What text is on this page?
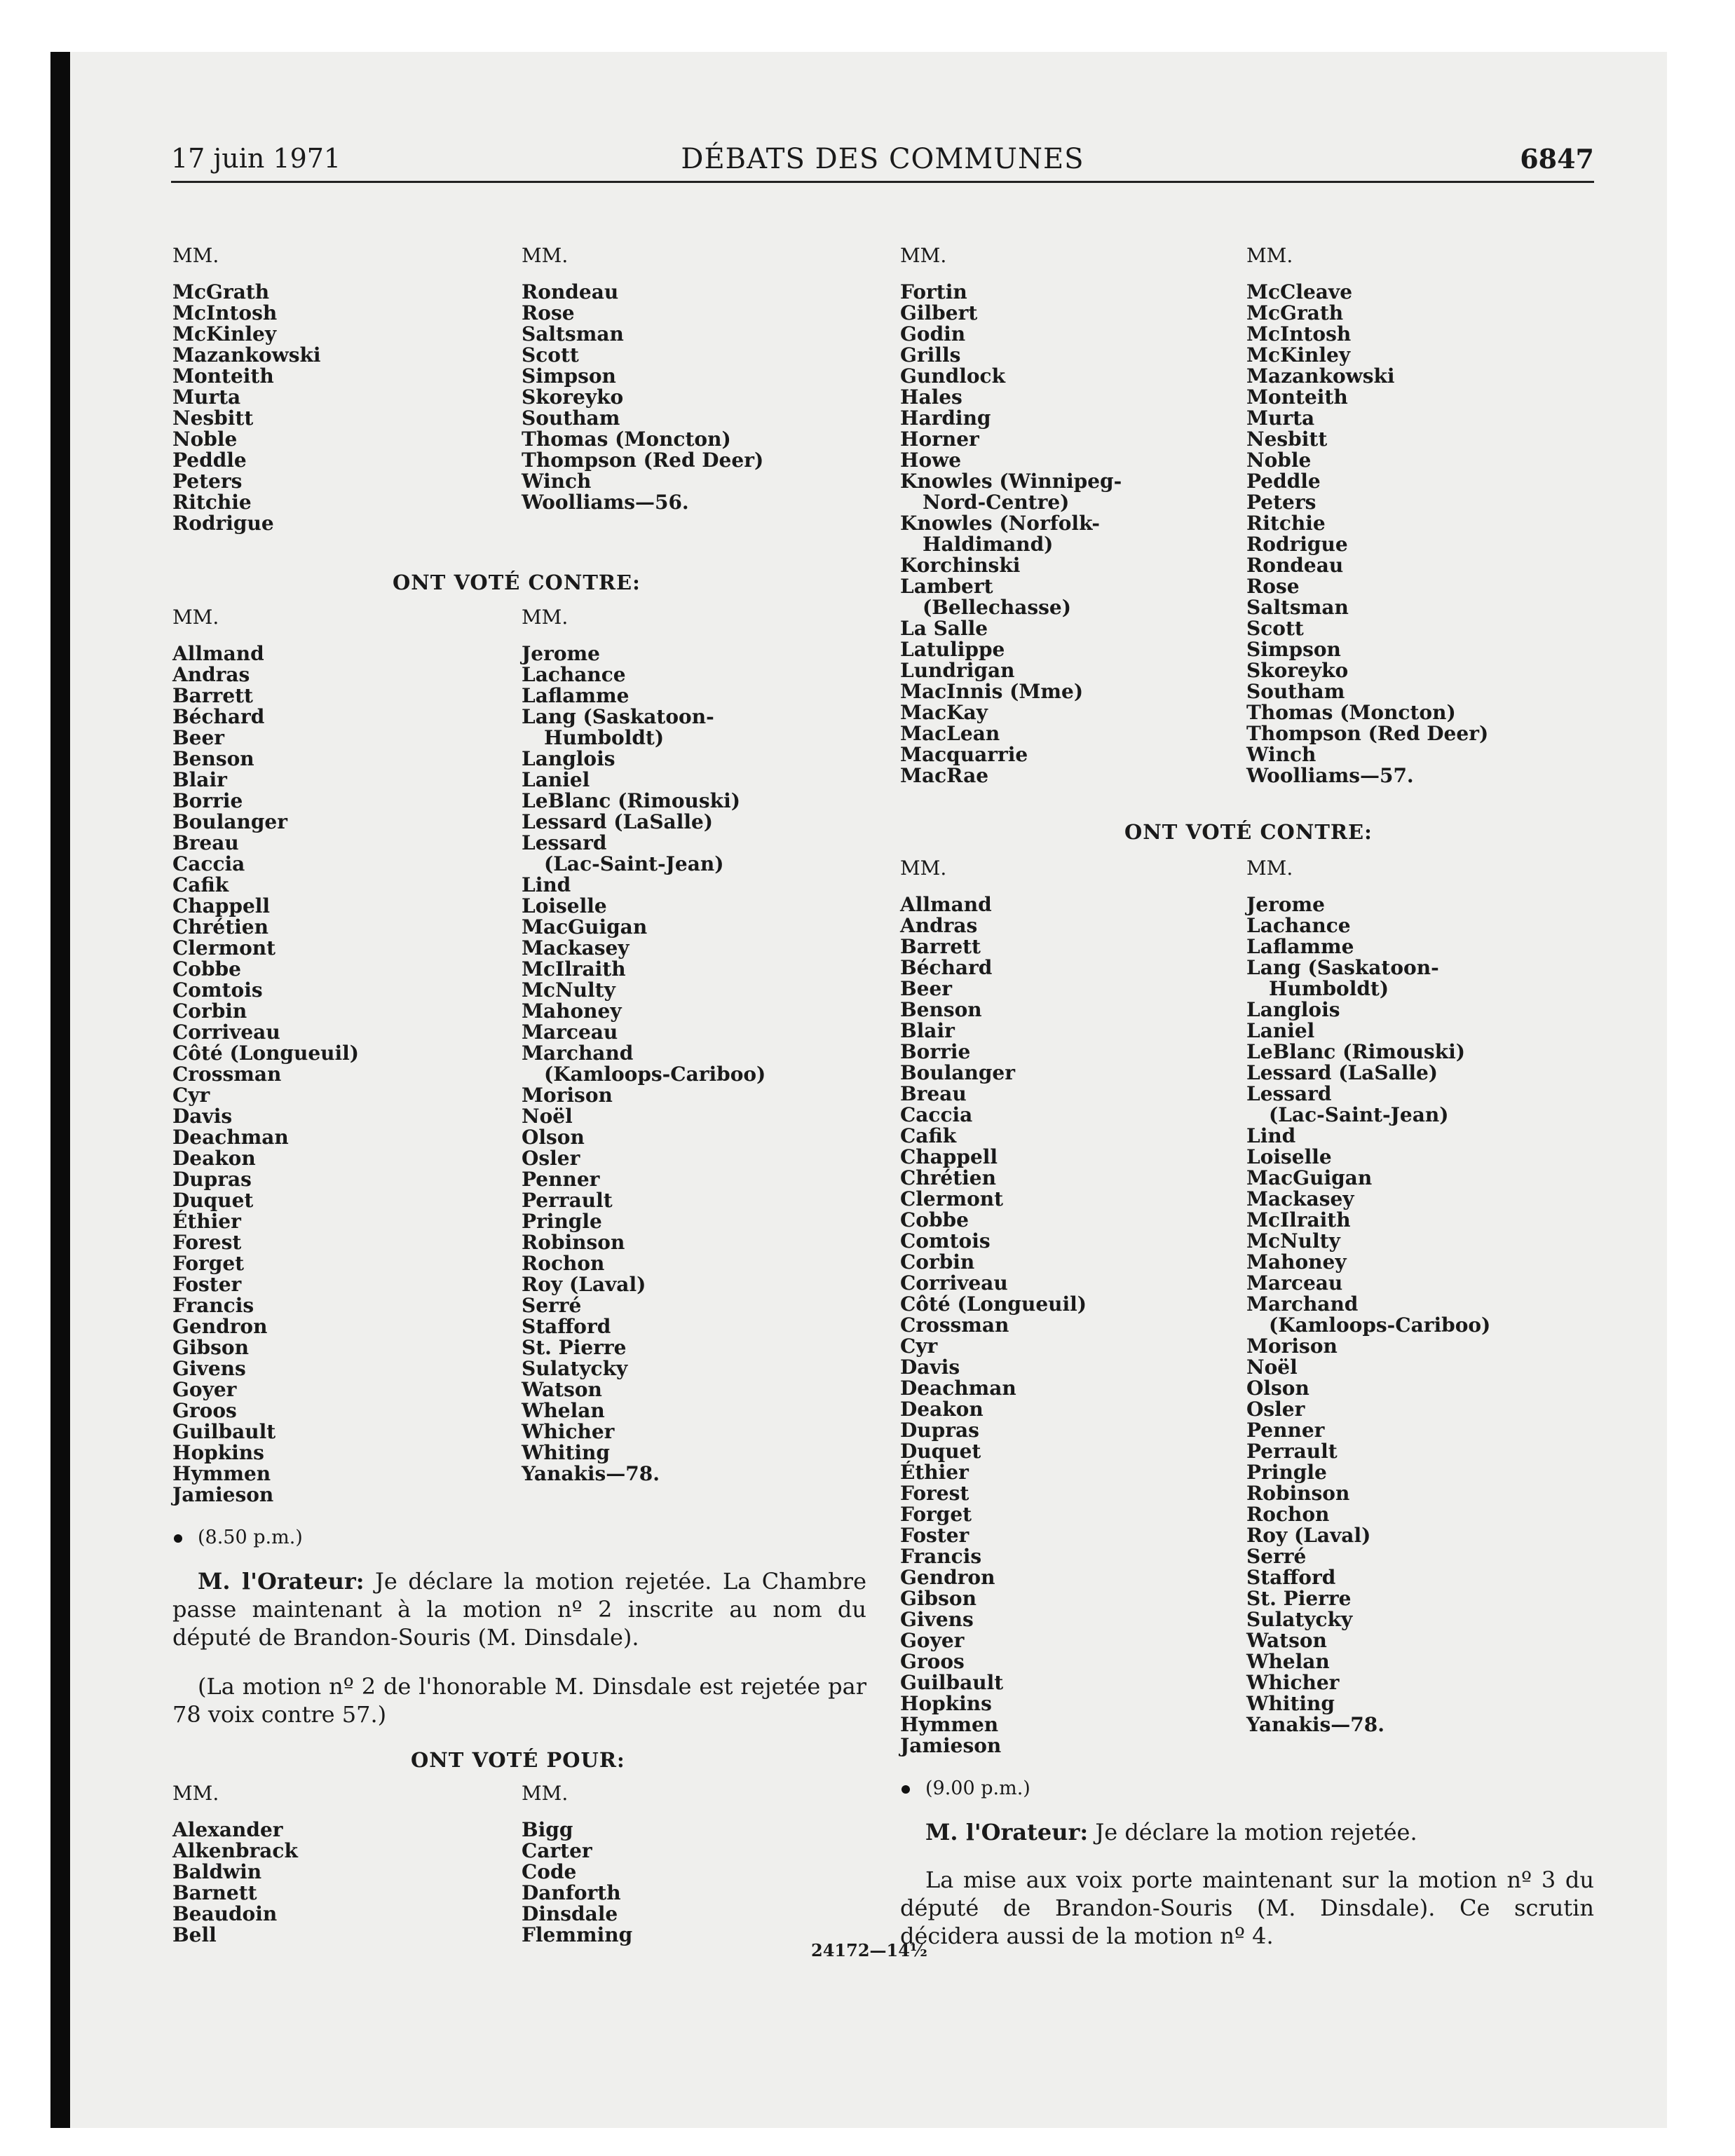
17 juin 1971	DÉBATS DES COMMUNES	6847
MM.
McGrath
McIntosh
McKinley
Mazankowski
Monteith
Murta
Nesbitt
Noble
Peddle
Peters
Ritchie
Rodrigue
MM.
Rondeau
Rose
Saltsman
Scott
Simpson
Skoreyko
Southam
Thomas (Moncton)
Thompson (Red Deer)
Winch
Woolliams—56.
ONT VOTÉ CONTRE:
MM.
Allmand
Andras
Barrett
Béchard
Beer
Benson
Blair
Borrie
Boulanger
Breau
Caccia
Cafik
Chappell
Chrétien
Clermont
Cobbe
Comtois
Corbin
Corriveau
Côté (Longueuil)
Crossman
Cyr
Davis
Deachman
Deakon
Dupras
Duquet
Éthier
Forest
Forget
Foster
Francis
Gendron
Gibson
Givens
Goyer
Groos
Guilbault
Hopkins
Hymmen
Jamieson
MM.
Jerome
Lachance
Laflamme
Lang (Saskatoon-
Humboldt)
Langlois
Laniel
LeBlanc (Rimouski)
Lessard (LaSalle)
Lessard
(Lac-Saint-Jean)
Lind
Loiselle
MacGuigan
Mackasey
McIlraith
McNulty
Mahoney
Marceau
Marchand
(Kamloops-Cariboo)
Morison
Noël
Olson
Osler
Penner
Perrault
Pringle
Robinson
Rochon
Roy (Laval)
Serré
Stafford
St. Pierre
Sulatycky
Watson
Whelan
Whicher
Whiting
Yanakis—78.
(8.50 p.m.)
M. l'Orateur: Je déclare la motion rejetée. La Chambre passe maintenant à la motion nº 2 inscrite au nom du député de Brandon-Souris (M. Dinsdale).
(La motion nº 2 de l'honorable M. Dinsdale est rejetée par 78 voix contre 57.)
ONT VOTÉ POUR:
MM.
Alexander
Alkenbrack
Baldwin
Barnett
Beaudoin
Bell
MM.
Bigg
Carter
Code
Danforth
Dinsdale
Flemming
MM.
Fortin
Gilbert
Godin
Grills
Gundlock
Hales
Harding
Horner
Howe
Knowles (Winnipeg-
Nord-Centre)
Knowles (Norfolk-
Haldimand)
Korchinski
Lambert
(Bellechasse)
La Salle
Latulippe
Lundrigan
MacInnis (Mme)
MacKay
MacLean
Macquarrie
MacRae
MM.
McCleave
McGrath
McIntosh
McKinley
Mazankowski
Monteith
Murta
Nesbitt
Noble
Peddle
Peters
Ritchie
Rodrigue
Rondeau
Rose
Saltsman
Scott
Simpson
Skoreyko
Southam
Thomas (Moncton)
Thompson (Red Deer)
Winch
Woolliams—57.
ONT VOTÉ CONTRE:
MM.
Allmand
Andras
Barrett
Béchard
Beer
Benson
Blair
Borrie
Boulanger
Breau
Caccia
Cafik
Chappell
Chrétien
Clermont
Cobbe
Comtois
Corbin
Corriveau
Côté (Longueuil)
Crossman
Cyr
Davis
Deachman
Deakon
Dupras
Duquet
Éthier
Forest
Forget
Foster
Francis
Gendron
Gibson
Givens
Goyer
Groos
Guilbault
Hopkins
Hymmen
Jamieson
MM.
Jerome
Lachance
Laflamme
Lang (Saskatoon-
Humboldt)
Langlois
Laniel
LeBlanc (Rimouski)
Lessard (LaSalle)
Lessard
(Lac-Saint-Jean)
Lind
Loiselle
MacGuigan
Mackasey
McIlraith
McNulty
Mahoney
Marceau
Marchand
(Kamloops-Cariboo)
Morison
Noël
Olson
Osler
Penner
Perrault
Pringle
Robinson
Rochon
Roy (Laval)
Serré
Stafford
St. Pierre
Sulatycky
Watson
Whelan
Whicher
Whiting
Yanakis—78.
(9.00 p.m.)
M. l'Orateur: Je déclare la motion rejetée.
La mise aux voix porte maintenant sur la motion nº 3 du député de Brandon-Souris (M. Dinsdale). Ce scrutin décidera aussi de la motion nº 4.
24172—14½
